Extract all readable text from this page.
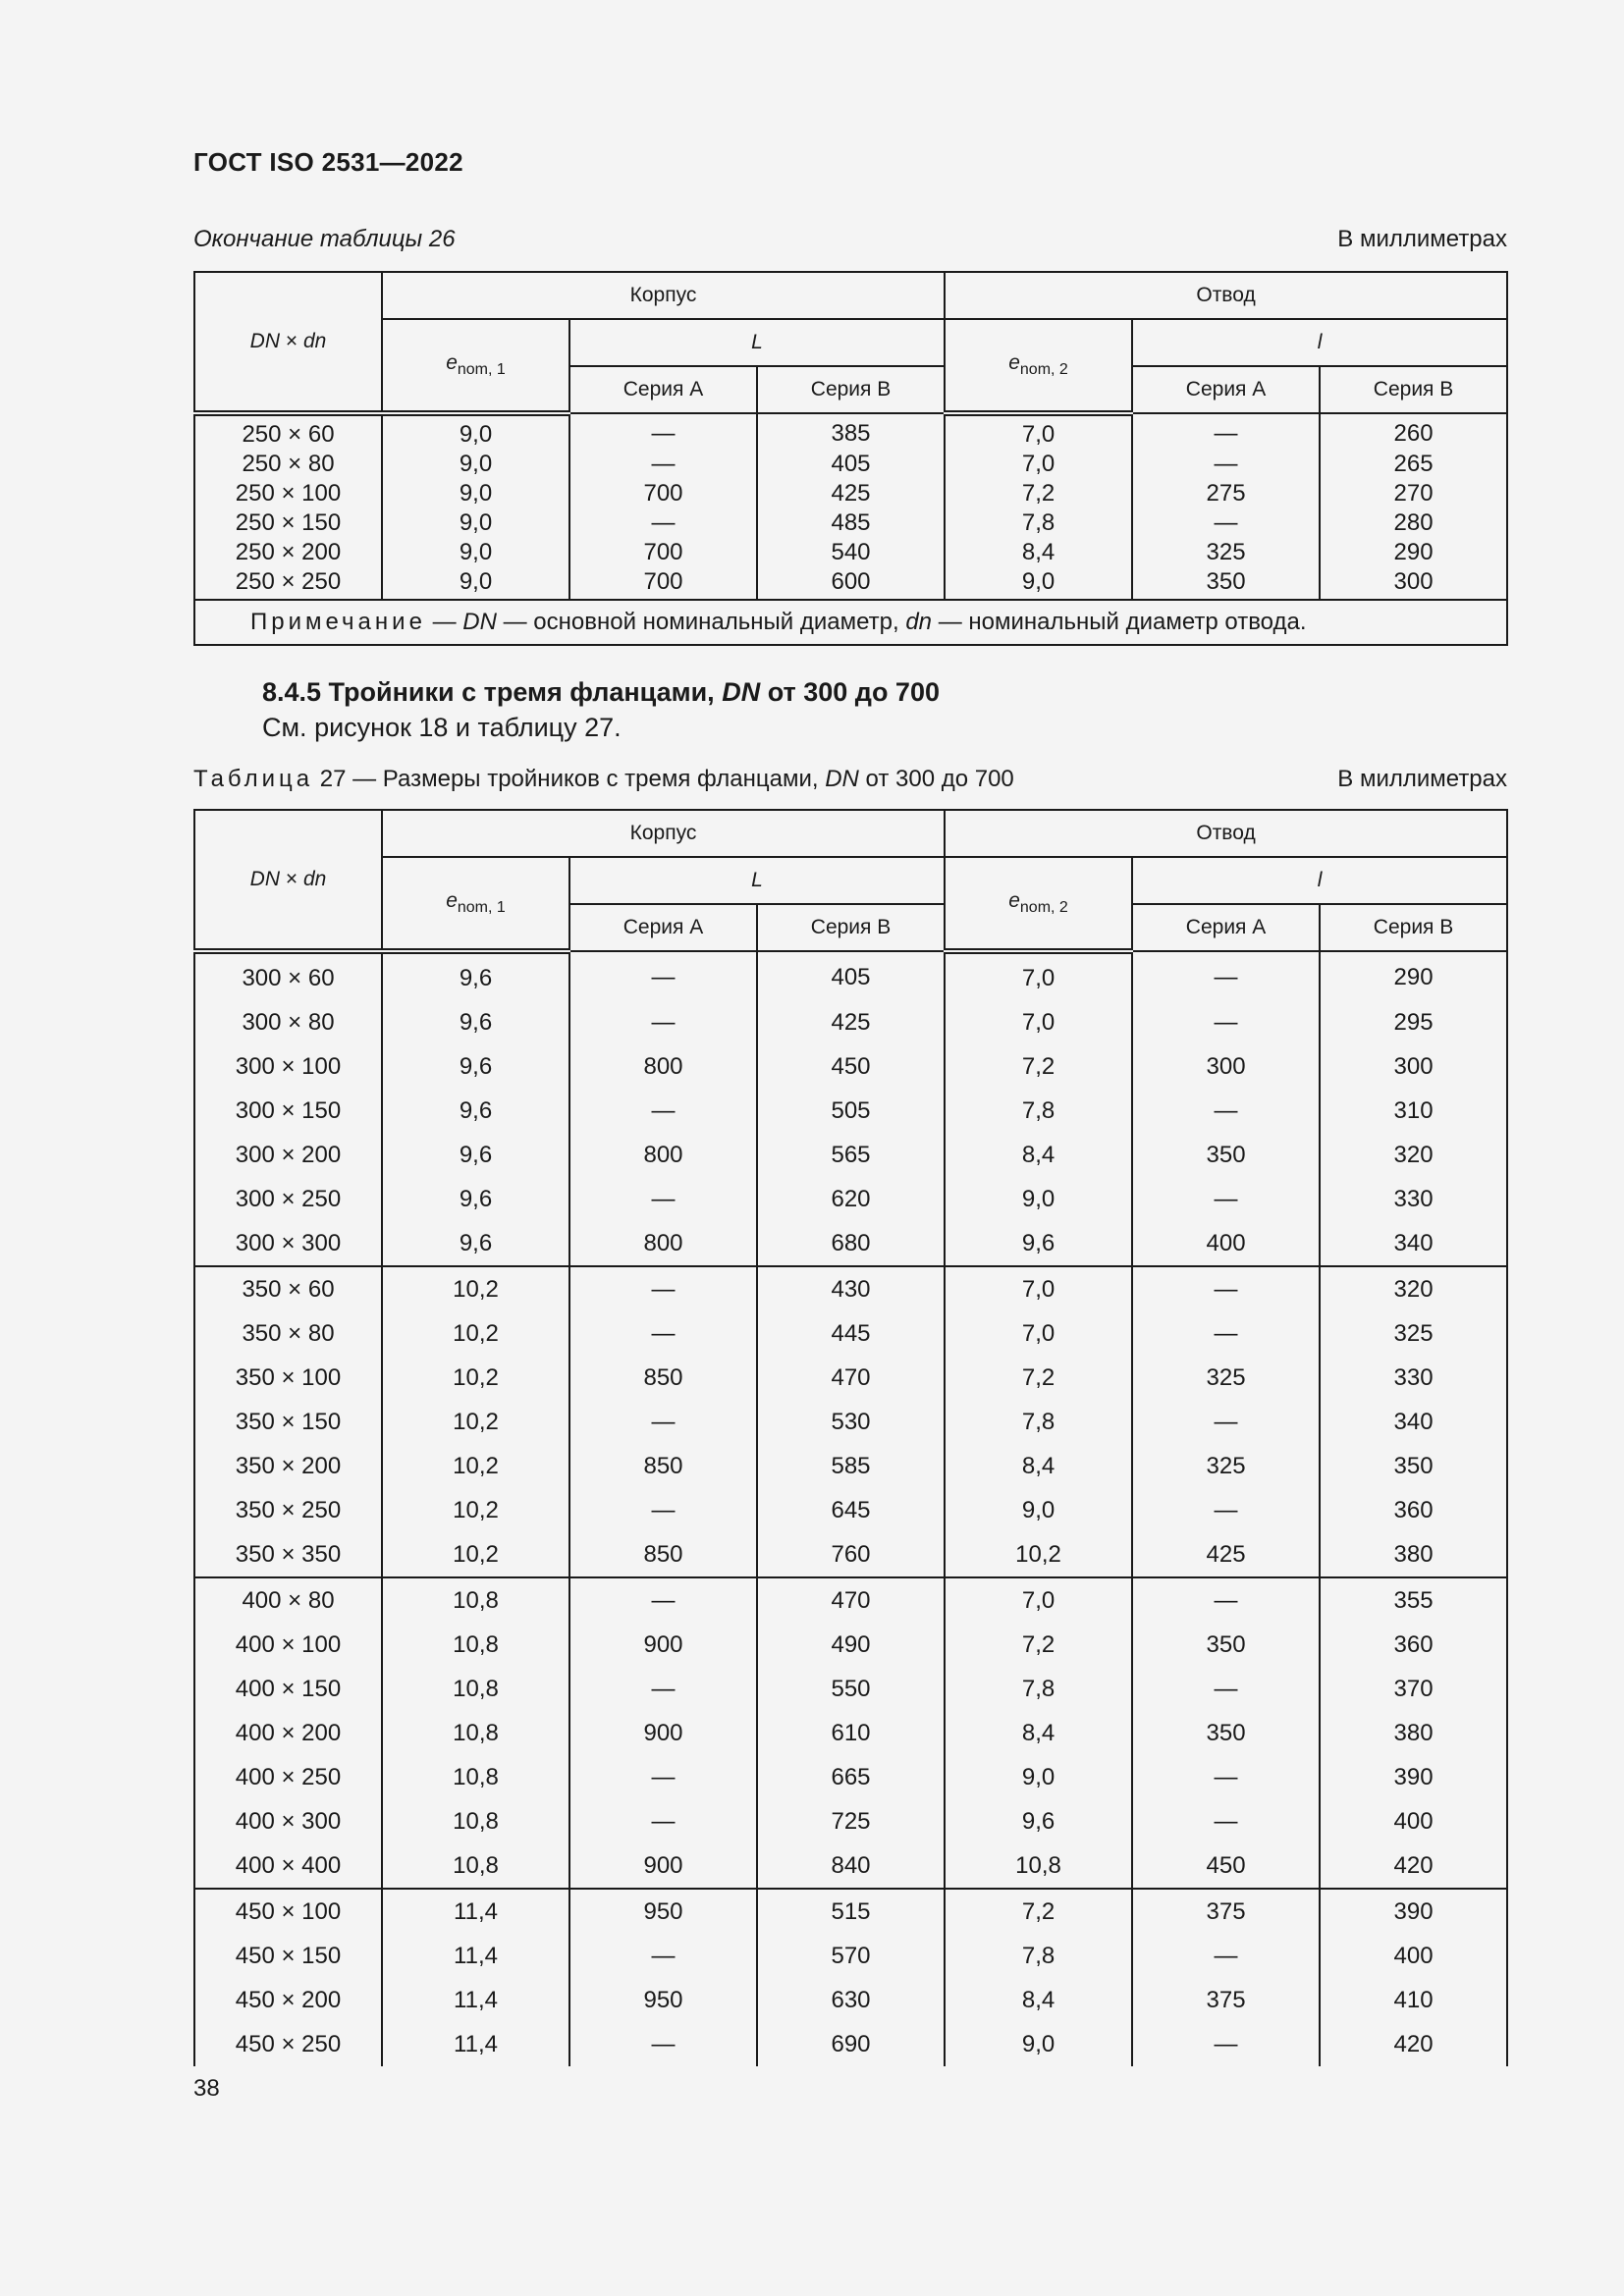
ГОСТ ISO 2531—2022
Окончание таблицы 26	В миллиметрах
DN × dn	Корпус			Отвод		
	$e_{nom, 1}$	L		$e_{nom, 2}$	l	
		Серия А	Серия В		Серия А	Серия В
250 × 60	9,0	—	385	7,0	—	260
250 × 80	9,0	—	405	7,0	—	265
250 × 100	9,0	700	425	7,2	275	270
250 × 150	9,0	—	485	7,8	—	280
250 × 200	9,0	700	540	8,4	325	290
250 × 250	9,0	700	600	9,0	350	300
Примечание — DN — основной номинальный диаметр, dn — номинальный диаметр отвода.						
8.4.5 Тройники с тремя фланцами, DN от 300 до 700
См. рисунок 18 и таблицу 27.
Таблица 27 — Размеры тройников с тремя фланцами, DN от 300 до 700	В миллиметрах
DN × dn	Корпус			Отвод		
	$e_{nom, 1}$	L		$e_{nom, 2}$	l	
		Серия А	Серия В		Серия А	Серия В
300 × 60	9,6	—	405	7,0	—	290
300 × 80	9,6	—	425	7,0	—	295
300 × 100	9,6	800	450	7,2	300	300
300 × 150	9,6	—	505	7,8	—	310
300 × 200	9,6	800	565	8,4	350	320
300 × 250	9,6	—	620	9,0	—	330
300 × 300	9,6	800	680	9,6	400	340
350 × 60	10,2	—	430	7,0	—	320
350 × 80	10,2	—	445	7,0	—	325
350 × 100	10,2	850	470	7,2	325	330
350 × 150	10,2	—	530	7,8	—	340
350 × 200	10,2	850	585	8,4	325	350
350 × 250	10,2	—	645	9,0	—	360
350 × 350	10,2	850	760	10,2	425	380
400 × 80	10,8	—	470	7,0	—	355
400 × 100	10,8	900	490	7,2	350	360
400 × 150	10,8	—	550	7,8	—	370
400 × 200	10,8	900	610	8,4	350	380
400 × 250	10,8	—	665	9,0	—	390
400 × 300	10,8	—	725	9,6	—	400
400 × 400	10,8	900	840	10,8	450	420
450 × 100	11,4	950	515	7,2	375	390
450 × 150	11,4	—	570	7,8	—	400
450 × 200	11,4	950	630	8,4	375	410
450 × 250	11,4	—	690	9,0	—	420
38
